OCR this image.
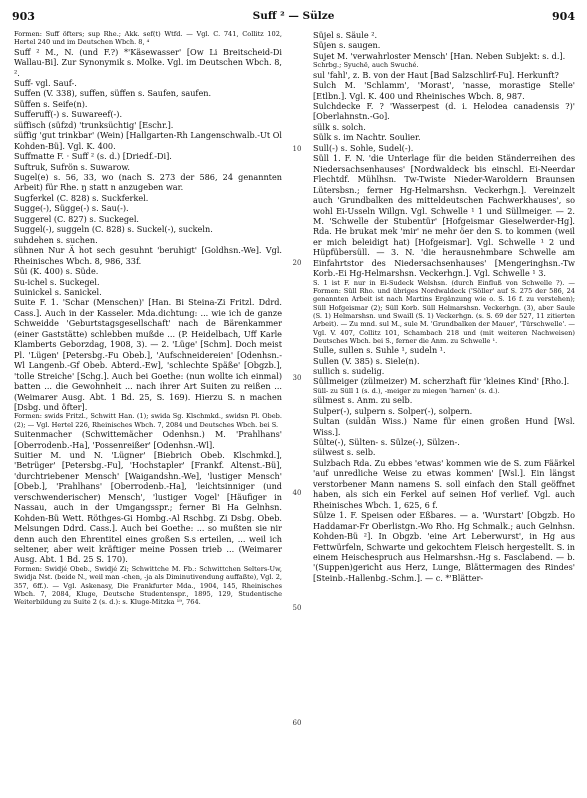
903	Suff ² — Sülze	904

Formen: Suff öfters; sup Rhe.; Akk. sef(t) Wtfd. — Vgl. C. 741, Collitz 102, Hertel 240 und im Deutschen Wbch. 8, ⁴

Suff ² M., N. (und F.?) *'Käsewasser' [Ow Li Breitscheid-Di Wallau-Bi]. Zur Synonymik s. Molke. Vgl. im Deutschen Wbch. 8, ².

Suff- vgl. Sauf-.

Suffen (V. 338), suffen, süffen s. Saufen, saufen.

Süffen s. Seife(n).

Sufferuff(-) s. Suwareef(-).

süffisch (süfzd) 'trunksüchtig' [Eschr.].

süffig 'gut trinkbar' (Wein) [Hallgarten-Rh Langenschwalb.-Ut Ol Kohden-Bü]. Vgl. K. 400.

Suffmatte F. · Suff ² (s. d.) [Driedf.-Di].

Suftruk, Sufrön s. Suwarow.

Sugel(e) s. 56, 33, wo (nach S. 273 der 586, 24 genannten Arbeit) für Rhe. ŋ statt n anzugeben war.

Sugferkel (C. 828) s. Suckferkel.

Sugge(-), Sügge(-) s. Sau(-).

Suggerel (C. 827) s. Suckegel.

Suggel(-), suggeln (C. 828) s. Suckel(-), suckeln.

suhdehen s. suchen.

sühnen Nur Ä hot sech gesuhnt 'beruhigt' [Goldhsn.-We]. Vgl. Rheinisches Wbch. 8, 986, 33f.

Süi (K. 400) s. Süde.

Su-ichel s. Suckegel.

Suinickel s. Sanickel.

Suite F. 1. 'Schar (Menschen)' [Han. Bi Steina-Zi Fritzl. Ddrd. Cass.]. Auch in der Kasseler. Mda.dichtung: ... wie ich de ganze Schweidde 'Geburtstagsgesellschaft' nach de Bärenkammer (einer Gaststätte) schlebben mußde ... (P. Heidelbach, Uff Karle Klamberts Geborzdag, 1908, 3). — 2. 'Lüge' [Schm]. Doch meist Pl. 'Lügen' [Petersbg.-Fu Obeb.], 'Aufschneidereien' [Odenhsn.-Wl Langenb.-Gf Obeb. Abterd.-Ew], 'schlechte Späße' [Obgzb.], 'tolle Streiche' [Schg.]. Auch bei Goethe: (nun wollte ich einmal) batten ... die Gewohnheit ... nach ihrer Art Suiten zu reißen ... (Weimarer Ausg. Abt. 1 Bd. 25, S. 169). Hierzu S. n machen [Dsbg. und öfter].

Formen: swids Fritzl., Schwitt Han. (1); swida Sg. Klschmkd., swidsn Pl. Obeb. (2); — Vgl. Hertel 226, Rheinisches Wbch. 7, 2084 und Deutsches Wbch. bei S.

Suitenmacher (Schwittemächer Odenhsn.) M. 'Prahlhans' [Oberrodenb.-Ha], 'Possenreißer' [Odenhsn.-Wl].

Suitier M. und N. 'Lügner' [Biebrich Obeb. Klschmkd.], 'Betrüger' [Petersbg.-Fu], 'Hochstapler' [Frankf. Altenst.-Bü], 'durchtriebener Mensch' [Waigandshn.-We], 'lustiger Mensch' [Obeb.], 'Prahlhans' [Oberrodenb.-Ha], 'leichtsinniger (und verschwenderischer) Mensch', 'lustiger Vogel' [Häufiger in Nassau, auch in der Umgangsspr.; ferner Bi Ha Gelnhsn. Kohden-Bü Wett. Röthges-Gi Hombg.-Al Rschbg. Zi Dsbg. Obeb. Melsungen Ddrd. Cass.]. Auch bei Goethe: ... so mußten sie nir denn auch den Ehrentitel eines großen S.s erteilen, ... weil ich seltener, aber weit kräftiger meine Possen trieb ... (Weimarer Ausg. Abt. 1 Bd. 25 S. 170).

Formen: Swidjé Obeb., Swidjé Zi; Schwittche M. Fb.: Schwittchen Selters-Uw, Swidja Nst. (beide N., weil man -chen, -ja als Diminutivendung auffaßte), Vgl. 2, 357, 6ff.). — Vgl. Askenasy, Die Frankfurter Mda., 1904, 145, Rheinisches Wbch. 7, 2084, Kluge, Deutsche Studentenspr., 1895, 129, Studentische Weiterbildung zu Suite 2 (s. d.): s. Kluge-Mitzka ¹⁹, 764.

10
20
30
40
50
60

Süjel s. Säule ².

Süjen s. saugen.

Sujet M. 'verwahrloster Mensch' [Han. Neben Subjekt: s. d.].

Schrbg.; Syuchë, auch Swuché.

sul 'fahl', z. B. von der Haut [Bad Salzschlirf-Fu]. Herkunft?

Sulch M. 'Schlamm', 'Morast', 'nasse, morastige Stelle' [Etlbn.]. Vgl. K. 400 und Rheinisches Wbch. 8, 987.

Sulchdecke F. ? 'Wasserpest (d. i. Helodea canadensis ?)' [Oberlahnstn.-Go].

sülk s. solch.

Sülk s. im Nachtr. Soulier.

Sull(-) s. Sohle, Sudel(-).

Süll 1. F. N. 'die Unterlage für die beiden Ständerreihen des Niedersachsenhauses' [Nordwaldeck bis einschl. Ei-Neerdar Flechtdf. Mühlhsn. Tw-Twiste Nieder-Waroldern Braunsen Lütersbsn.; ferner Hg-Helmarshsn. Veckerhgn.]. Vereinzelt auch 'Grundbalken des mitteldeutschen Fachwerkhauses', so wohl Ei-Usseln Willgn. Vgl. Schwelle ¹ 1 und Süllmeiger. — 2. M. 'Schwelle der Stubentür' [Hofgeismar Gieselwerder-Hg]. Rda. He brukat mek 'mir' ne mehr öer den S. to kommen (weil er mich beleidigt hat) [Hofgeismar]. Vgl. Schwelle ¹ 2 und Hüpfübersüll. — 3. N. 'die herausnehmbare Schwelle am Einfahrtstor des Niedersachsenhauses' [Mengeringhsn.-Tw Korb.-Ei Hg-Helmarshsn. Veckerhgn.]. Vgl. Schwelle ¹ 3.

S. 1 ist F. nur in Ei-Sudeck Welshsn. (durch Einfluß von Schwelle ?). — Formen: Süll Rho. und übriges Nordwaldeck ('Söller' auf S. 275 der 586, 24 genannten Arbeit ist nach Martins Ergänzung wie o. S. 16 f. zu verstehen); Süll Hofgeismar (2); Süll Korb. Süll Helmarshsn. Veckerhgn. (3), aber Saule (S. 1) Helmarshsn. und Swaill (S. 1) Veckerhgn. (s. S. 69 der 527, 11 zitierten Arbeit). — Zu mnd. sul M., sule M. 'Grundbalken der Mauer', 'Türschwelle'. — Vgl. V. 407, Collitz 101, Schambach 218 und (mit weiteren Nachweisen) Deutsches Wbch. bei S., ferner die Anm. zu Schwelle ¹.

Sulle, sullen s. Suhle ¹, sudeln ¹.

Sullen (V. 385) s. Siele(n).

sullich s. sudelig.

Süllmeiger (zülmeizer) M. scherzhaft für 'kleines Kind' [Rho.].

Süll- zu Süll 1 (s. d.), -meiger zu miegen 'harnen' (s. d.).

sülmest s. Anm. zu selb.

Sulper(-), sulpern s. Solper(-), solpern.

Sultan (suldān Wiss.) Name für einen großen Hund [Wsl. Wiss.].

Sülte(-), Sülten- s. Sülze(-), Sülzen-.

sülwest s. selb.

Sulzbach Rda. Zu ebbes 'etwas' kommen wie de S. zum Fäärkel 'auf unredliche Weise zu etwas kommen' [Wsl.]. Ein längst verstorbener Mann namens S. soll einfach den Stall geöffnet haben, als sich ein Ferkel auf seinen Hof verlief. Vgl. auch Rheinisches Wbch. 1, 625, 6 f.

Sülze 1. F. Speisen oder Eßbares. — a. 'Wurstart' [Obgzb. Ho Haddamar-Fr Oberlistgn.-Wo Rho. Hg Schmalk.; auch Gelnhsn. Kohden-Bü ²]. In Obgzb. 'eine Art Leberwurst', in Hg aus Fettwürfeln, Schwarte und gekochtem Fleisch hergestellt. S. in einem Heischespruch aus Helmarshsn.-Hg s. Fasclabend. — b. '(Suppen)gericht aus Herz, Lunge, Blättermagen des Rindes' [Steinb.-Hallenbg.-Schm.]. — c. *'Blätter-
